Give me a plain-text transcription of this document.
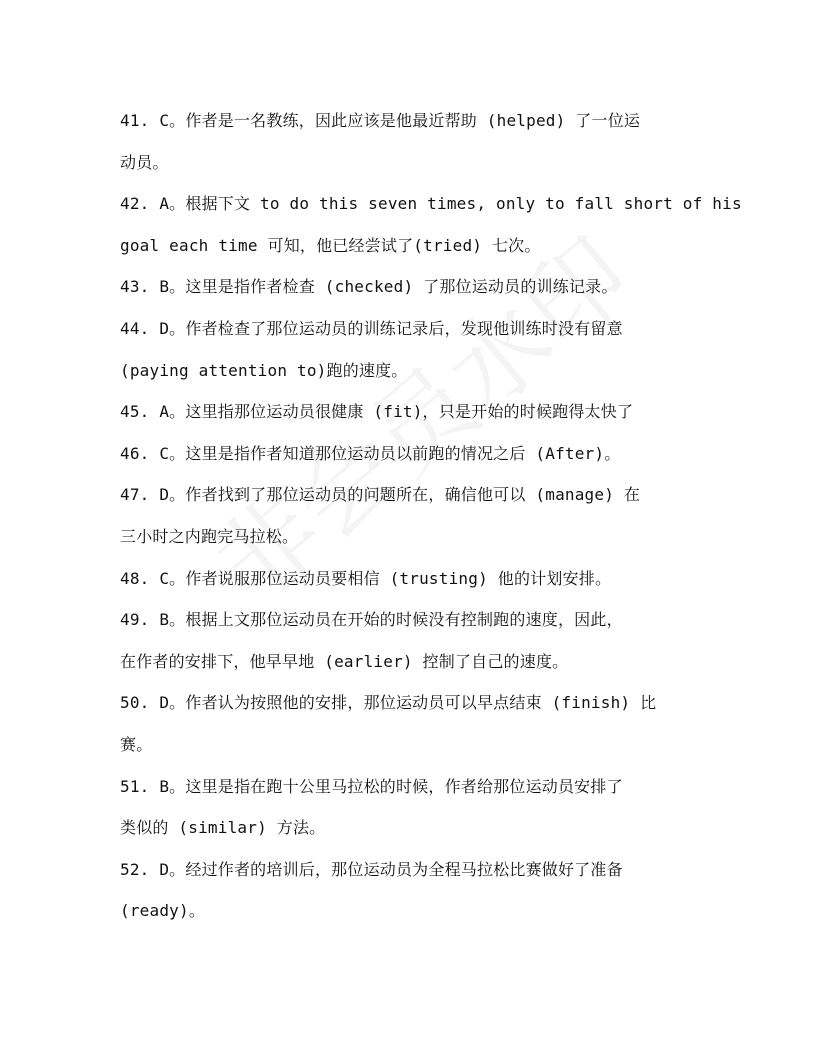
41. C。作者是一名教练，因此应该是他最近帮助 (helped) 了一位运
动员。
42. A。根据下文 to do this seven times, only to fall short of his
goal each time 可知，他已经尝试了(tried) 七次。
43. B。这里是指作者检查 (checked) 了那位运动员的训练记录。
44. D。作者检查了那位运动员的训练记录后，发现他训练时没有留意
(paying attention to)跑的速度。
45. A。这里指那位运动员很健康 (fit)，只是开始的时候跑得太快了
46. C。这里是指作者知道那位运动员以前跑的情况之后 (After)。
47. D。作者找到了那位运动员的问题所在，确信他可以 (manage) 在
三小时之内跑完马拉松。
48. C。作者说服那位运动员要相信 (trusting) 他的计划安排。
49. B。根据上文那位运动员在开始的时候没有控制跑的速度，因此，
在作者的安排下，他早早地 (earlier) 控制了自己的速度。
50. D。作者认为按照他的安排，那位运动员可以早点结束 (finish) 比
赛。
51. B。这里是指在跑十公里马拉松的时候，作者给那位运动员安排了
类似的 (similar) 方法。
52. D。经过作者的培训后，那位运动员为全程马拉松比赛做好了准备
(ready)。
